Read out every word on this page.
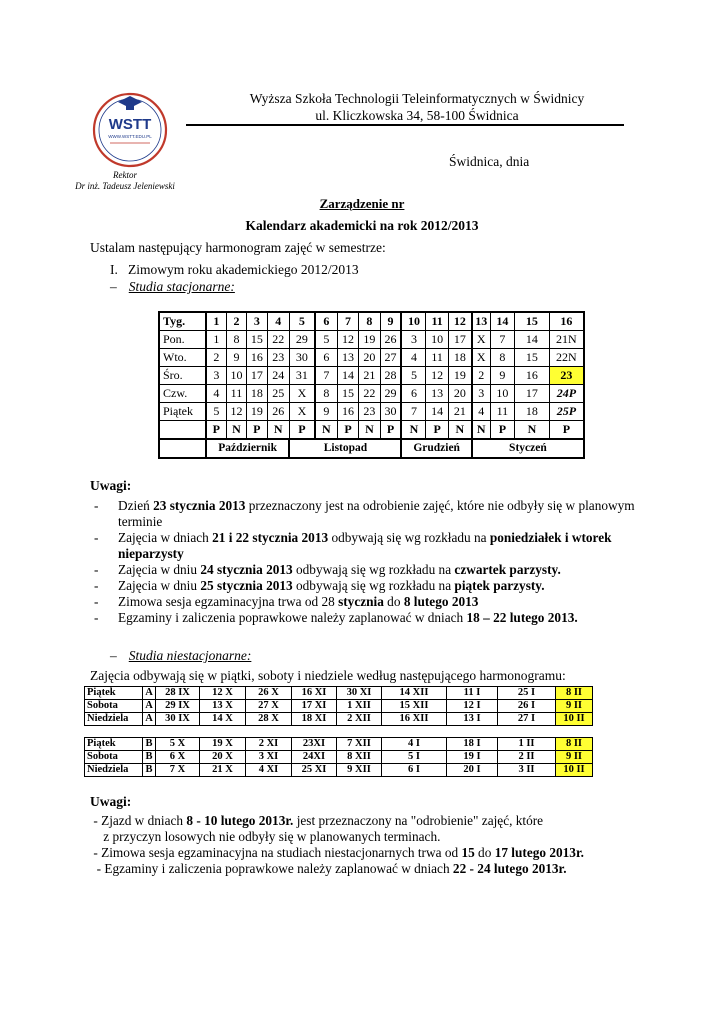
WSTT
WWW.WSTT.EDU.PL
Rektor
Dr inż. Tadeusz Jeleniewski
Wyższa Szkoła Technologii Teleinformatycznych w Świdnicy
ul. Kliczkowska 34, 58-100 Świdnica
Świdnica, dnia
Zarządzenie nr
Kalendarz akademicki na rok 2012/2013
Ustalam następujący harmonogram zajęć w semestrze:
I. Zimowym roku akademickiego 2012/2013
– Studia stacjonarne:
Tyg.	1	2	3	4	5	6	7	8	9	10	11	12	13	14	15	16
Pon.	1	8	15	22	29	5	12	19	26	3	10	17	X	7	14	21N
Wto.	2	9	16	23	30	6	13	20	27	4	11	18	X	8	15	22N
Śro.	3	10	17	24	31	7	14	21	28	5	12	19	2	9	16	23
Czw.	4	11	18	25	X	8	15	22	29	6	13	20	3	10	17	24P
Piątek	5	12	19	26	X	9	16	23	30	7	14	21	4	11	18	25P
	P	N	P	N	P	N	P	N	P	N	P	N	N	P	N	P
	Październik				Listopad					Grudzień			Styczeń			
Uwagi:
- Dzień 23 stycznia 2013 przeznaczony jest na odrobienie zajęć, które nie odbyły się w planowym terminie
- Zajęcia w dniach 21 i 22 stycznia 2013 odbywają się wg rozkładu na poniedziałek i wtorek nieparzysty
- Zajęcia w dniu 24 stycznia 2013 odbywają się wg rozkładu na czwartek parzysty.
- Zajęcia w dniu 25 stycznia 2013 odbywają się wg rozkładu na piątek parzysty.
- Zimowa sesja egzaminacyjna trwa od 28 stycznia do 8 lutego 2013
- Egzaminy i zaliczenia poprawkowe należy zaplanować w dniach 18 – 22 lutego 2013.
– Studia niestacjonarne:
Zajęcia odbywają się w piątki, soboty i niedziele według następującego harmonogramu:
Piątek	A	28 IX	12 X	26 X	16 XI	30 XI	14 XII	11 I	25 I	8 II
Sobota	A	29 IX	13 X	27 X	17 XI	1 XII	15 XII	12 I	26 I	9 II
Niedziela	A	30 IX	14 X	28 X	18 XI	2 XII	16 XII	13 I	27 I	10 II
Piątek	B	5 X	19 X	2 XI	23XI	7 XII	4 I	18 I	1 II	8 II
Sobota	B	6 X	20 X	3 XI	24XI	8 XII	5 I	19 I	2 II	9 II
Niedziela	B	7 X	21 X	4 XI	25 XI	9 XII	6 I	20 I	3 II	10 II
Uwagi:
- Zjazd w dniach 8 - 10 lutego 2013r. jest przeznaczony na "odrobienie" zajęć, które
z przyczyn losowych nie odbyły się w planowanych terminach.
- Zimowa sesja egzaminacyjna na studiach niestacjonarnych trwa od 15 do 17 lutego 2013r.
- Egzaminy i zaliczenia poprawkowe należy zaplanować w dniach 22 - 24 lutego 2013r.
